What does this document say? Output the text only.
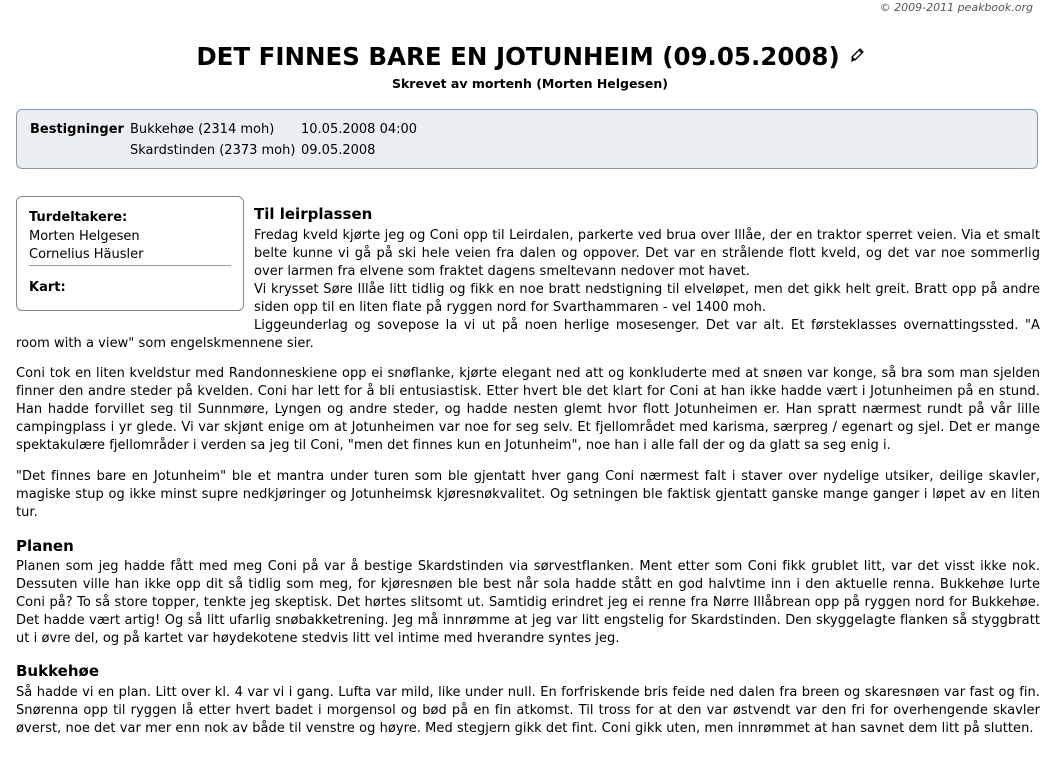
© 2009-2011 peakbook.org
DET FINNES BARE EN JOTUNHEIM (09.05.2008)
Skrevet av mortenh (Morten Helgesen)
Bestigninger Bukkehøe (2314 moh) 10.05.2008 04:00
Skardstinden (2373 moh) 09.05.2008
Turdeltakere:
Morten Helgesen
Cornelius Häusler
Kart:
Til leirplassen

Fredag kveld kjørte jeg og Coni opp til Leirdalen, parkerte ved brua over Illåe, der en traktor sperret veien. Via et smalt belte kunne vi gå på ski hele veien fra dalen og oppover. Det var en strålende flott kveld, og det var noe sommerlig over larmen fra elvene som fraktet dagens smeltevann nedover mot havet.

Vi krysset Søre Illåe litt tidlig og fikk en noe bratt nedstigning til elveløpet, men det gikk helt greit. Bratt opp på andre siden opp til en liten flate på ryggen nord for Svarthammaren - vel 1400 moh.

Liggeunderlag og sovepose la vi ut på noen herlige mosesenger. Det var alt. Et førsteklasses overnattingssted. "A room with a view" som engelskmennene sier.
Coni tok en liten kveldstur med Randonneskiene opp ei snøflanke, kjørte elegant ned att og konkluderte med at snøen var konge, så bra som man sjelden finner den andre steder på kvelden. Coni har lett for å bli entusiastisk. Etter hvert ble det klart for Coni at han ikke hadde vært i Jotunheimen på en stund. Han hadde forvillet seg til Sunnmøre, Lyngen og andre steder, og hadde nesten glemt hvor flott Jotunheimen er. Han spratt nærmest rundt på vår lille campingplass i yr glede. Vi var skjønt enige om at Jotunheimen var noe for seg selv. Et fjellområdet med karisma, særpreg / egenart og sjel. Det er mange spektakulære fjellområder i verden sa jeg til Coni, "men det finnes kun en Jotunheim", noe han i alle fall der og da glatt sa seg enig i.
"Det finnes bare en Jotunheim" ble et mantra under turen som ble gjentatt hver gang Coni nærmest falt i staver over nydelige utsiker, deilige skavler, magiske stup og ikke minst supre nedkjøringer og Jotunheimsk kjøresnøkvalitet. Og setningen ble faktisk gjentatt ganske mange ganger i løpet av en liten tur.
Planen
Planen som jeg hadde fått med meg Coni på var å bestige Skardstinden via sørvestflanken. Ment etter som Coni fikk grublet litt, var det visst ikke nok. Dessuten ville han ikke opp dit så tidlig som meg, for kjøresnøen ble best når sola hadde stått en god halvtime inn i den aktuelle renna. Bukkehøe lurte Coni på? To så store topper, tenkte jeg skeptisk. Det hørtes slitsomt ut. Samtidig erindret jeg ei renne fra Nørre Illåbrean opp på ryggen nord for Bukkehøe. Det hadde vært artig! Og så litt ufarlig snøbakketrening. Jeg må innrømme at jeg var litt engstelig for Skardstinden. Den skyggelagte flanken så styggbratt ut i øvre del, og på kartet var høydekotene stedvis litt vel intime med hverandre syntes jeg.
Bukkehøe
Så hadde vi en plan. Litt over kl. 4 var vi i gang. Lufta var mild, like under null. En forfriskende bris feide ned dalen fra breen og skaresnøen var fast og fin. Snørenna opp til ryggen lå etter hvert badet i morgensol og bød på en fin atkomst. Til tross for at den var østvendt var den fri for overhengende skavler øverst, noe det var mer enn nok av både til venstre og høyre. Med stegjern gikk det fint. Coni gikk uten, men innrømmet at han savnet dem litt på slutten.
